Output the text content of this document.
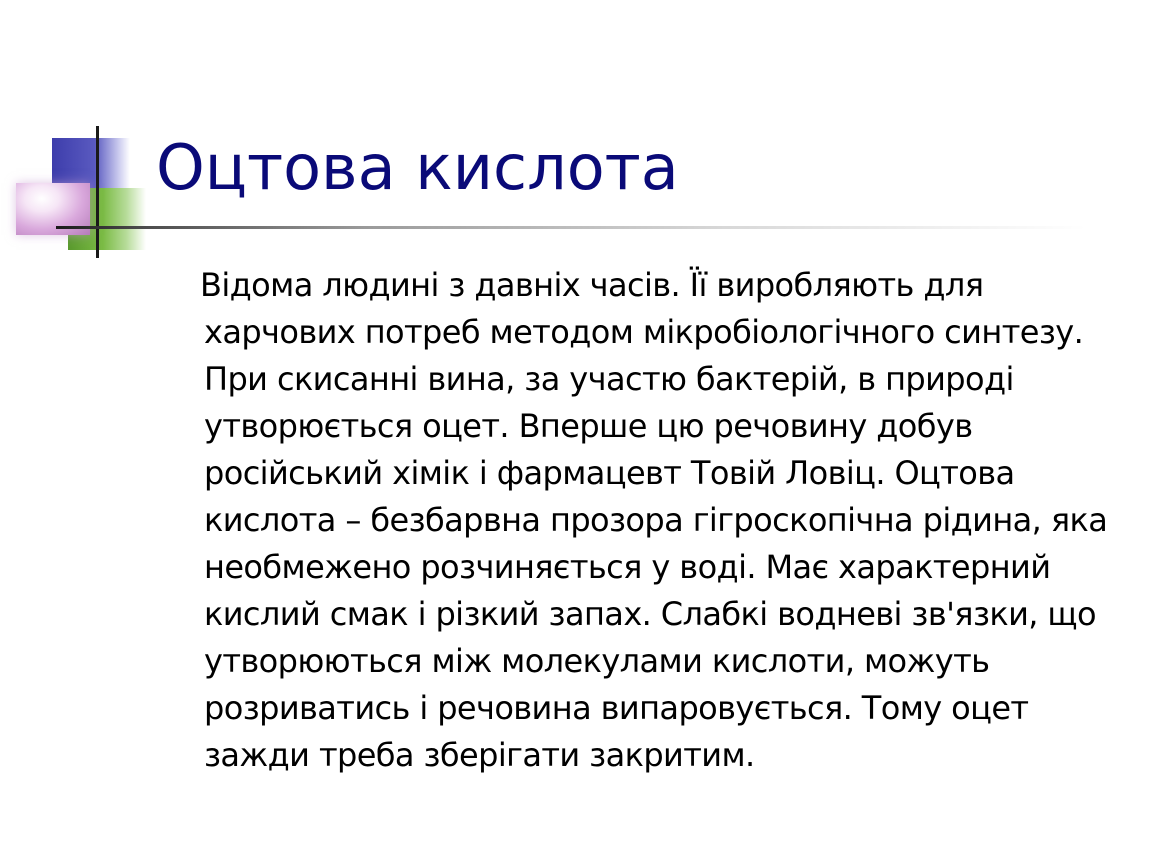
Оцтова кислота

Відома людині з давніх часів. Її виробляють для харчових потреб методом мікробіологічного синтезу. При скисанні вина, за участю бактерій, в природі утворюється оцет. Вперше цю речовину добув російський хімік і фармацевт Товій Ловіц. Оцтова кислота – безбарвна прозора гігроскопічна рідина, яка необмежено розчиняється у воді. Має характерний кислий смак і різкий запах. Слабкі водневі зв'язки, що утворюються між молекулами кислоти, можуть розриватись і речовина випаровується. Тому оцет зажди треба зберігати закритим.
